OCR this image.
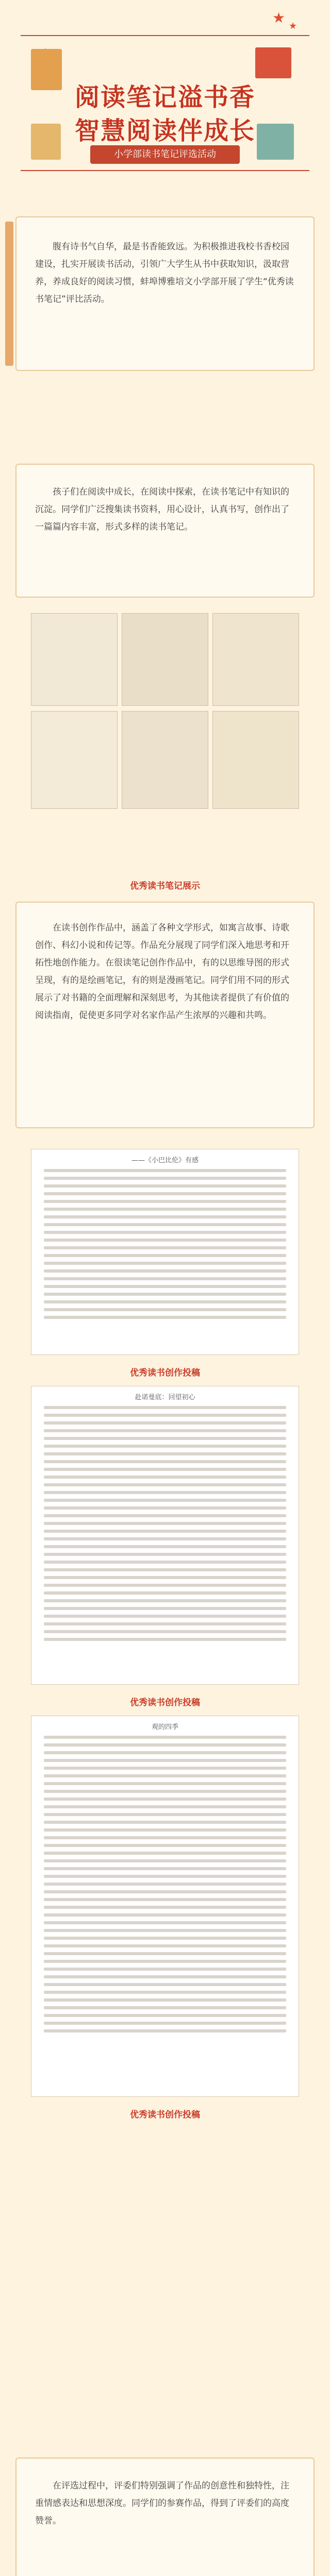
★ ★
阅读笔记溢书香
智慧阅读伴成长
小学部读书笔记评选活动

腹有诗书气自华，最是书香能致远。为积极推进我校书香校园建设，扎实开展读书活动，引领广大学生从书中获取知识，汲取营养，养成良好的阅读习惯，蚌埠博雅培文小学部开展了学生“优秀读书笔记”评比活动。

孩子们在阅读中成长，在阅读中探索，在读书笔记中有知识的沉淀。同学们广泛搜集读书资料，用心设计，认真书写，创作出了一篇篇内容丰富，形式多样的读书笔记。

优秀读书笔记展示

在读书创作作品中，涵盖了各种文学形式，如寓言故事、诗歌创作、科幻小说和传记等。作品充分展现了同学们深入地思考和开拓性地创作能力。在很读笔记创作作品中，有的以思维导图的形式呈现，有的是绘画笔记，有的则是漫画笔记。同学们用不同的形式展示了对书籍的全面理解和深刻思考，为其他读者提供了有价值的阅读指南，促使更多同学对名家作品产生浓厚的兴趣和共鸣。

——《小巴比伦》有感
优秀读书创作投稿
赴诺曼底：回望初心
优秀读书创作投稿
观的四季
优秀读书创作投稿

在评选过程中，评委们特别强调了作品的创意性和独特性，注重情感表达和思想深度。同学们的参赛作品，得到了评委们的高度赞誉。
